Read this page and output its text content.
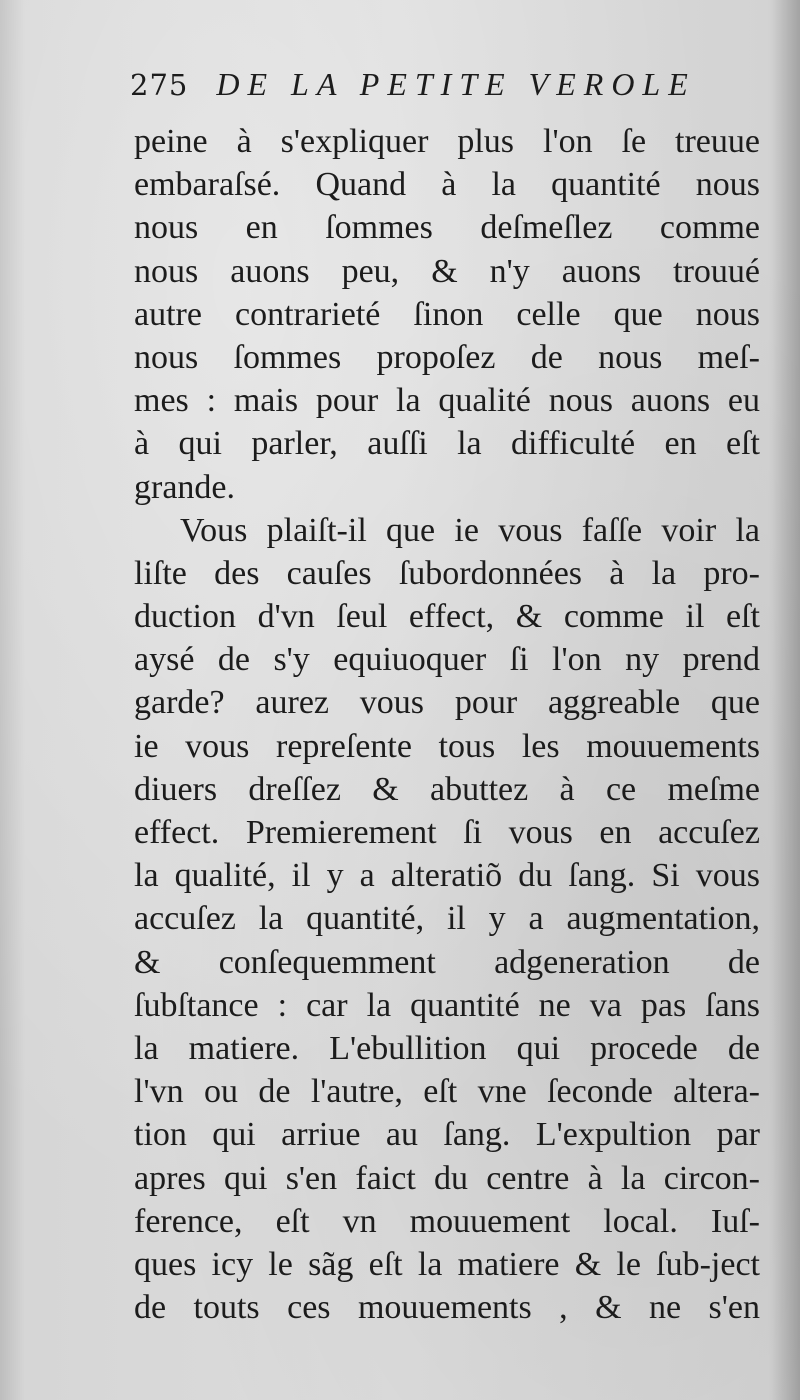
275 DE LA PETITE VEROLE
peine à s'expliquer plus l'on ſe treuue
embaraſsé. Quand à la quantité nous
nous en ſommes deſmeſlez comme
nous auons peu, & n'y auons trouué
autre contrarieté ſinon celle que nous
nous ſommes propoſez de nous meſ-
mes : mais pour la qualité nous auons eu
à qui parler, auſſi la difficulté en eſt
grande.
Vous plaiſt-il que ie vous faſſe voir la
liſte des cauſes ſubordonnées à la pro-
duction d'vn ſeul effect, & comme il eſt
aysé de s'y equiuoquer ſi l'on ny prend
garde? aurez vous pour aggreable que
ie vous repreſente tous les mouuements
diuers dreſſez & abuttez à ce meſme
effect. Premierement ſi vous en accuſez
la qualité, il y a alteratiõ du ſang. Si vous
accuſez la quantité, il y a augmentation,
& conſequemment adgeneration de
ſubſtance : car la quantité ne va pas ſans
la matiere. L'ebullition qui procede de
l'vn ou de l'autre, eſt vne ſeconde altera-
tion qui arriue au ſang. L'expultion par
apres qui s'en faict du centre à la circon-
ference, eſt vn mouuement local. Iuſ-
ques icy le sãg eſt la matiere & le ſub-ject
de touts ces mouuements , & ne s'en
